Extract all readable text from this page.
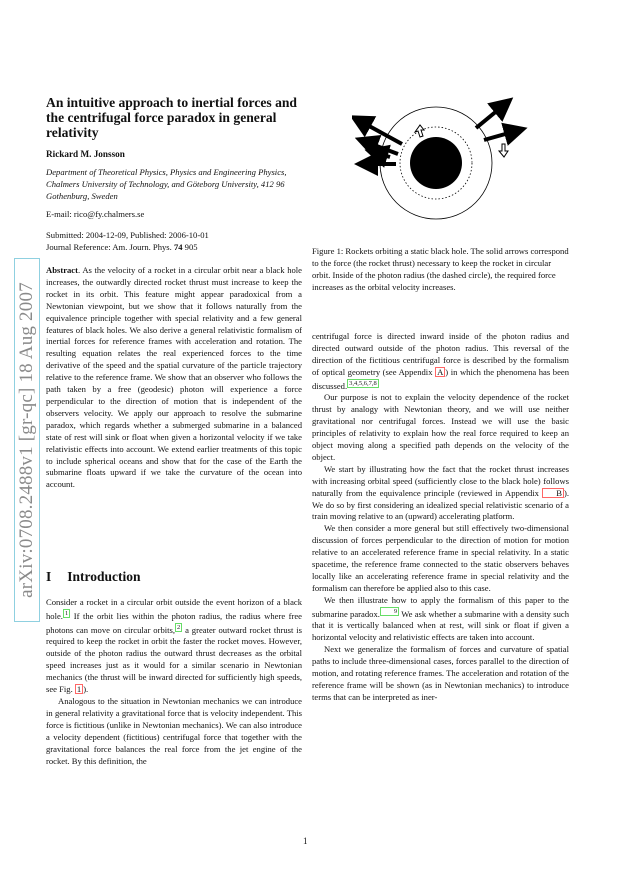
arXiv:0708.2488v1 [gr-qc] 18 Aug 2007
An intuitive approach to inertial forces and the centrifugal force paradox in general relativity
Rickard M. Jonsson
Department of Theoretical Physics, Physics and Engineering Physics, Chalmers University of Technology, and Göteborg University, 412 96 Gothenburg, Sweden
E-mail: rico@fy.chalmers.se
Submitted: 2004-12-09, Published: 2006-10-01
Journal Reference: Am. Journ. Phys. 74 905

Abstract. As the velocity of a rocket in a circular orbit near a black hole increases, the outwardly directed rocket thrust must increase to keep the rocket in its orbit. This feature might appear paradoxical from a Newtonian viewpoint, but we show that it follows naturally from the equivalence principle together with special relativity and a few general features of black holes. We also derive a general relativistic formalism of inertial forces for reference frames with acceleration and rotation. The resulting equation relates the real experienced forces to the time derivative of the speed and the spatial curvature of the particle trajectory relative to the reference frame. We show that an observer who follows the path taken by a free (geodesic) photon will experience a force perpendicular to the direction of motion that is independent of the observers velocity. We apply our approach to resolve the submarine paradox, which regards whether a submerged submarine in a balanced state of rest will sink or float when given a horizontal velocity if we take relativistic effects into account. We extend earlier treatments of this topic to include spherical oceans and show that for the case of the Earth the submarine floats upward if we take the curvature of the ocean into account.

I Introduction

Consider a rocket in a circular orbit outside the event horizon of a black hole. 1 If the orbit lies within the photon radius, the radius where free photons can move on circular orbits, 2 a greater outward rocket thrust is required to keep the rocket in orbit the faster the rocket moves. However, outside of the photon radius the outward thrust decreases as the orbital speed increases just as it would for a similar scenario in Newtonian mechanics (the thrust will be inward directed for sufficiently high speeds, see Fig. 1 ).

Analogous to the situation in Newtonian mechanics we can introduce in general relativity a gravitational force that is velocity independent. This force is fictitious (unlike in Newtonian mechanics). We can also introduce a velocity dependent (fictitious) centrifugal force that together with the gravitational force balances the real force from the jet engine of the rocket. By this definition, the

Figure 1: Rockets orbiting a static black hole. The solid arrows correspond to the force (the rocket thrust) necessary to keep the rocket in circular orbit. Inside of the photon radius (the dashed circle), the required force increases as the orbital velocity increases.

centrifugal force is directed inward inside of the photon radius and directed outward outside of the photon radius. This reversal of the direction of the fictitious centrifugal force is described by the formalism of optical geometry (see Appendix A ) in which the phenomena has been discussed. 3,4,5,6,7,8

Our purpose is not to explain the velocity dependence of the rocket thrust by analogy with Newtonian theory, and we will use neither gravitational nor centrifugal forces. Instead we will use the basic principles of relativity to explain how the real force required to keep an object moving along a specified path depends on the velocity of the object.

We start by illustrating how the fact that the rocket thrust increases with increasing orbital speed (sufficiently close to the black hole) follows naturally from the equivalence principle (reviewed in Appendix B ). We do so by first considering an idealized special relativistic scenario of a train moving relative to an (upward) accelerating platform.

We then consider a more general but still effectively two-dimensional discussion of forces perpendicular to the direction of motion for motion relative to an accelerated reference frame in special relativity. In a static spacetime, the reference frame connected to the static observers behaves locally like an accelerating reference frame in special relativity and the formalism can therefore be applied also to this case.

We then illustrate how to apply the formalism of this paper to the submarine paradox. 9 We ask whether a submarine with a density such that it is vertically balanced when at rest, will sink or float if given a horizontal velocity and relativistic effects are taken into account.

Next we generalize the formalism of forces and curvature of spatial paths to include three-dimensional cases, forces parallel to the direction of motion, and rotating reference frames. The acceleration and rotation of the reference frame will be shown (as in Newtonian mechanics) to introduce terms that can be interpreted as iner-

1
